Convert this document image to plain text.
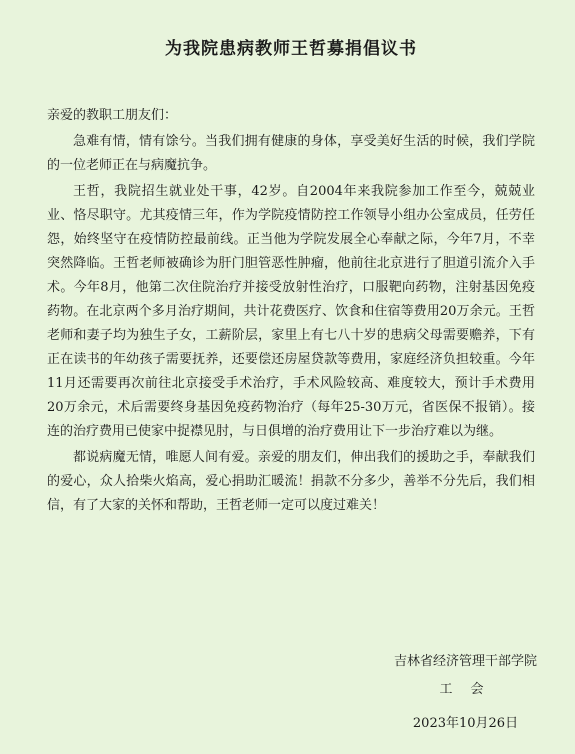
为我院患病教师王哲募捐倡议书
亲爱的教职工朋友们：

急难有情，情有馀兮。当我们拥有健康的身体，享受美好生活的时候，我们学院的一位老师正在与病魔抗争。

王哲，我院招生就业处干事，42岁。自2004年来我院参加工作至今，兢兢业业、恪尽职守。尤其疫情三年，作为学院疫情防控工作领导小组办公室成员，任劳任怨，始终坚守在疫情防控最前线。正当他为学院发展全心奉献之际，今年7月，不幸突然降临。王哲老师被确诊为肝门胆管恶性肿瘤，他前往北京进行了胆道引流介入手术。今年8月，他第二次住院治疗并接受放射性治疗，口服靶向药物，注射基因免疫药物。在北京两个多月治疗期间，共计花费医疗、饮食和住宿等费用20万余元。王哲老师和妻子均为独生子女，工薪阶层，家里上有七八十岁的患病父母需要赡养，下有正在读书的年幼孩子需要抚养，还要偿还房屋贷款等费用，家庭经济负担较重。今年11月还需要再次前往北京接受手术治疗，手术风险较高、难度较大，预计手术费用20万余元，术后需要终身基因免疫药物治疗（每年25-30万元，省医保不报销）。接连的治疗费用已使家中捉襟见肘，与日俱增的治疗费用让下一步治疗难以为继。

都说病魔无情，唯愿人间有爱。亲爱的朋友们，伸出我们的援助之手，奉献我们的爱心，众人拾柴火焰高，爱心捐助汇暖流！捐款不分多少，善举不分先后，我们相信，有了大家的关怀和帮助，王哲老师一定可以度过难关！

吉林省经济管理干部学院
工会
2023年10月26日
